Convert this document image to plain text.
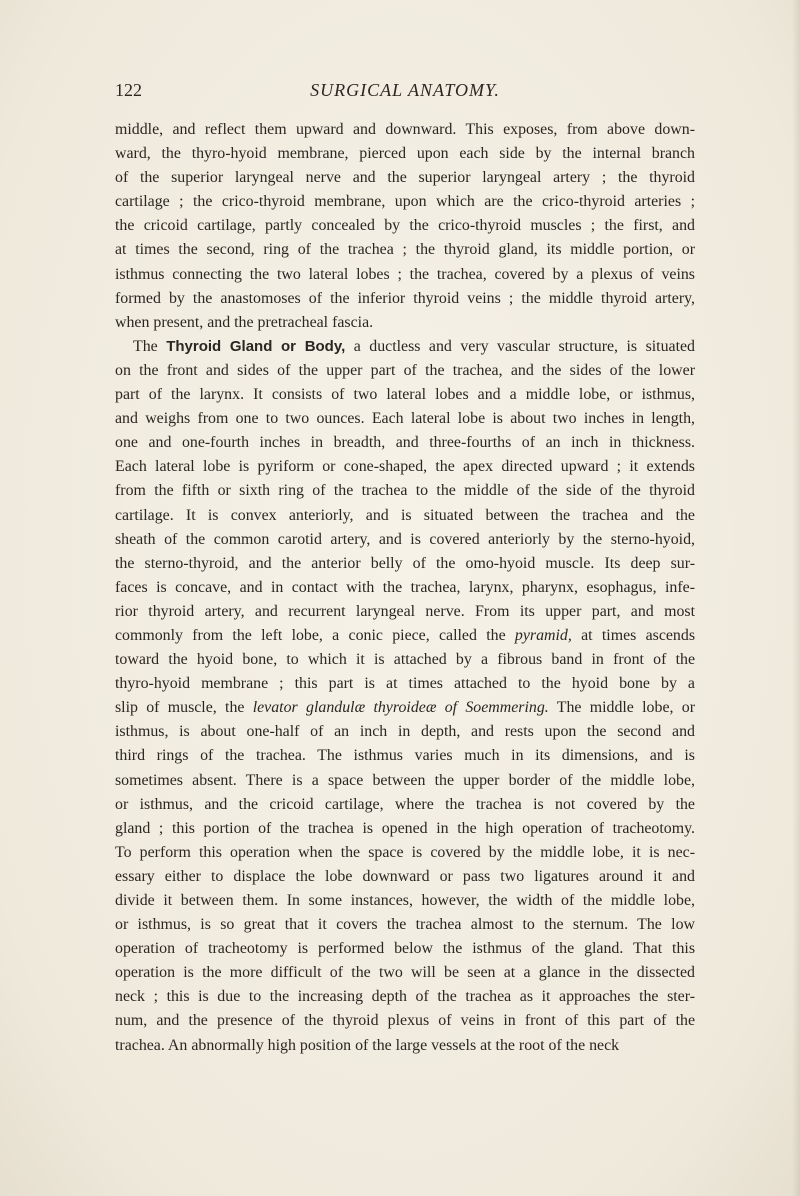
122	SURGICAL ANATOMY.
middle, and reflect them upward and downward. This exposes, from above down-
ward, the thyro-hyoid membrane, pierced upon each side by the internal branch
of the superior laryngeal nerve and the superior laryngeal artery ; the thyroid
cartilage ; the crico-thyroid membrane, upon which are the crico-thyroid arteries ;
the cricoid cartilage, partly concealed by the crico-thyroid muscles ; the first, and
at times the second, ring of the trachea ; the thyroid gland, its middle portion, or
isthmus connecting the two lateral lobes ; the trachea, covered by a plexus of veins
formed by the anastomoses of the inferior thyroid veins ; the middle thyroid artery,
when present, and the pretracheal fascia.
The Thyroid Gland or Body, a ductless and very vascular structure, is situated
on the front and sides of the upper part of the trachea, and the sides of the lower
part of the larynx. It consists of two lateral lobes and a middle lobe, or isthmus,
and weighs from one to two ounces. Each lateral lobe is about two inches in length,
one and one-fourth inches in breadth, and three-fourths of an inch in thickness.
Each lateral lobe is pyriform or cone-shaped, the apex directed upward ; it extends
from the fifth or sixth ring of the trachea to the middle of the side of the thyroid
cartilage. It is convex anteriorly, and is situated between the trachea and the
sheath of the common carotid artery, and is covered anteriorly by the sterno-hyoid,
the sterno-thyroid, and the anterior belly of the omo-hyoid muscle. Its deep sur-
faces is concave, and in contact with the trachea, larynx, pharynx, esophagus, infe-
rior thyroid artery, and recurrent laryngeal nerve. From its upper part, and most
commonly from the left lobe, a conic piece, called the pyramid, at times ascends
toward the hyoid bone, to which it is attached by a fibrous band in front of the
thyro-hyoid membrane ; this part is at times attached to the hyoid bone by a
slip of muscle, the levator glandulæ thyroideæ of Soemmering. The middle lobe, or
isthmus, is about one-half of an inch in depth, and rests upon the second and
third rings of the trachea. The isthmus varies much in its dimensions, and is
sometimes absent. There is a space between the upper border of the middle lobe,
or isthmus, and the cricoid cartilage, where the trachea is not covered by the
gland ; this portion of the trachea is opened in the high operation of tracheotomy.
To perform this operation when the space is covered by the middle lobe, it is nec-
essary either to displace the lobe downward or pass two ligatures around it and
divide it between them. In some instances, however, the width of the middle lobe,
or isthmus, is so great that it covers the trachea almost to the sternum. The low
operation of tracheotomy is performed below the isthmus of the gland. That this
operation is the more difficult of the two will be seen at a glance in the dissected
neck ; this is due to the increasing depth of the trachea as it approaches the ster-
num, and the presence of the thyroid plexus of veins in front of this part of the
trachea. An abnormally high position of the large vessels at the root of the neck
